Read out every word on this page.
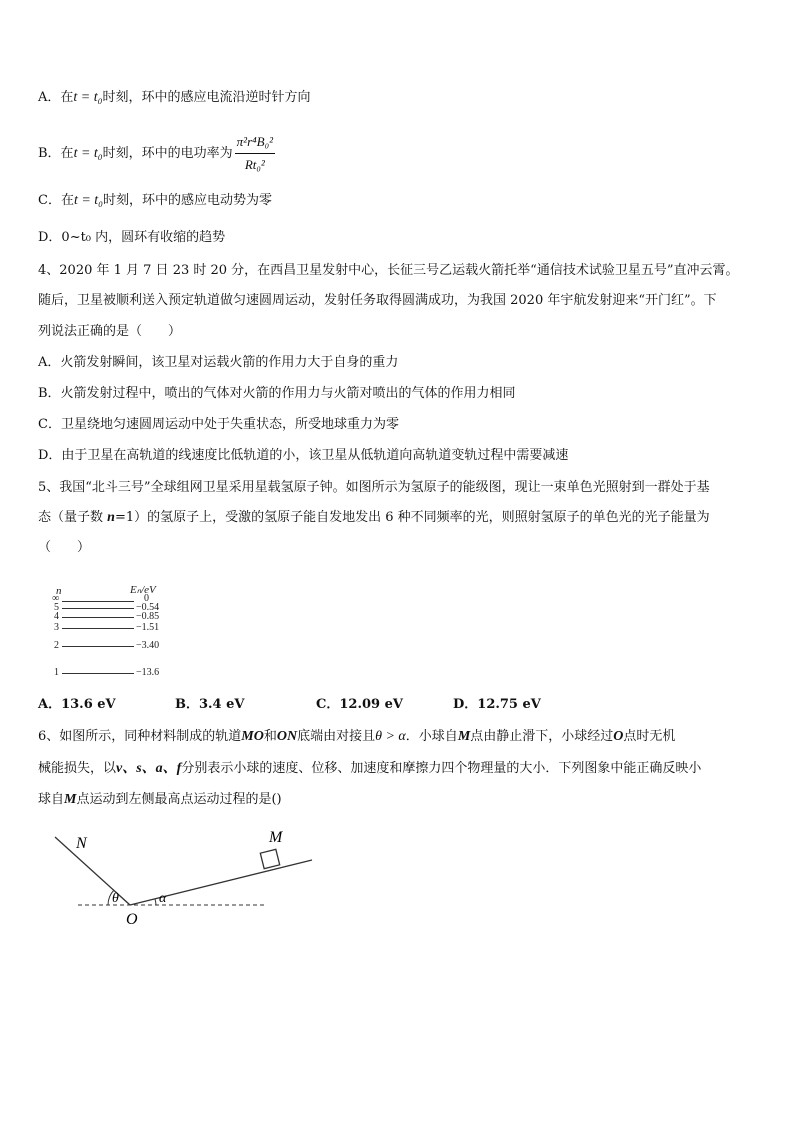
A．在t = t₀时刻，环中的感应电流沿逆时针方向
B．在t = t₀时刻，环中的电功率为 $\frac{\text{π²r⁴B₀²}}{\text{Rt₀²}}$
C．在t = t₀时刻，环中的感应电动势为零
D．0~t₀ 内，圆环有收缩的趋势
4、2020 年 1 月 7 日 23 时 20 分，在西昌卫星发射中心，长征三号乙运载火箭托举“通信技术试验卫星五号”直冲云霄。
随后，卫星被顺利送入预定轨道做匀速圆周运动，发射任务取得圆满成功，为我国 2020 年宇航发射迎来“开门红”。下
列说法正确的是（　　）
A．火箭发射瞬间，该卫星对运载火箭的作用力大于自身的重力
B．火箭发射过程中，喷出的气体对火箭的作用力与火箭对喷出的气体的作用力相同
C．卫星绕地匀速圆周运动中处于失重状态，所受地球重力为零
D．由于卫星在高轨道的线速度比低轨道的小，该卫星从低轨道向高轨道变轨过程中需要减速
5、我国“北斗三号”全球组网卫星采用星载氢原子钟。如图所示为氢原子的能级图，现让一束单色光照射到一群处于基
态（量子数 n=1）的氢原子上，受激的氢原子能自发地发出 6 种不同频率的光，则照射氢原子的单色光的光子能量为
（　　）
n	Eₙ/eV
∞	0
5	−0.54
4	−0.85
3	−1.51
2	−3.40
1	−13.6
A．13.6 eV	B．3.4 eV	C．12.09 eV	D．12.75 eV
6、如图所示，同种材料制成的轨道MO和ON底端由对接且θ > α．小球自M点由静止滑下，小球经过O点时无机
械能损失，以v、s、a、f分别表示小球的速度、位移、加速度和摩擦力四个物理量的大小．下列图象中能正确反映小
球自M点运动到左侧最高点运动过程的是()
N	M
O
θ	α
